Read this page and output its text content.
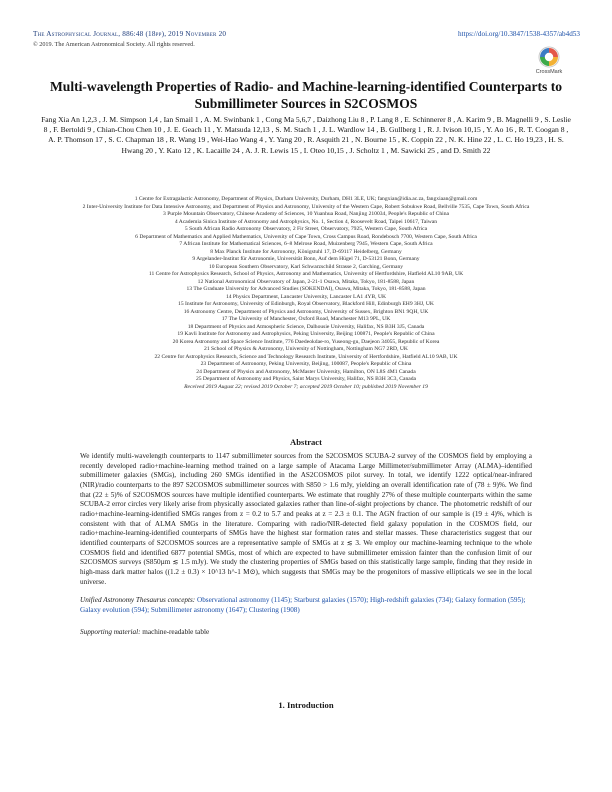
The Astrophysical Journal, 886:48 (18pp), 2019 November 20
© 2019. The American Astronomical Society. All rights reserved.
https://doi.org/10.3847/1538-4357/ab4d53
CrossMark
Multi-wavelength Properties of Radio- and Machine-learning-identified Counterparts to Submillimeter Sources in S2COSMOS
Fang Xia An 1,2,3 , J. M. Simpson 1,4 , Ian Smail 1 , A. M. Swinbank 1 , Cong Ma 5,6,7 , Daizhong Liu 8 , P. Lang 8 , E. Schinnerer 8 , A. Karim 9 , B. Magnelli 9 , S. Leslie 8 , F. Bertoldi 9 , Chian-Chou Chen 10 , J. E. Geach 11 , Y. Matsuda 12,13 , S. M. Stach 1 , J. L. Wardlow 14 , B. Gullberg 1 , R. J. Ivison 10,15 , Y. Ao 16 , R. T. Coogan 8 , A. P. Thomson 17 , S. C. Chapman 18 , R. Wang 19 , Wei-Hao Wang 4 , Y. Yang 20 , R. Asquith 21 , N. Bourne 15 , K. Coppin 22 , N. K. Hine 22 , L. C. Ho 19,23 , H. S. Hwang 20 , Y. Kato 12 , K. Lacaille 24 , A. J. R. Lewis 15 , I. Oteo 10,15 , J. Scholtz 1 , M. Sawicki 25 , and D. Smith 22
1 Centre for Extragalactic Astronomy, Department of Physics, Durham University, Durham, DH1 3LE, UK; fangxian@idia.ac.za, fangxiaan@gmail.com
2 Inter-University Institute for Data Intensive Astronomy, and Department of Physics and Astronomy, University of the Western Cape, Robert Sobukwe Road, Bellville 7535, Cape Town, South Africa
3 Purple Mountain Observatory, Chinese Academy of Sciences, 10 Yuanhua Road, Nanjing 210034, People's Republic of China
4 Academia Sinica Institute of Astronomy and Astrophysics, No. 1, Section 4, Roosevelt Road, Taipei 10617, Taiwan
5 South African Radio Astronomy Observatory, 2 Fir Street, Observatory, 7925, Western Cape, South Africa
6 Department of Mathematics and Applied Mathematics, University of Cape Town, Cross Campus Road, Rondebosch 7700, Western Cape, South Africa
7 African Institute for Mathematical Sciences, 6–8 Melrose Road, Muizenberg 7945, Western Cape, South Africa
8 Max Planck Institute for Astronomy, Königstuhl 17, D-69117 Heidelberg, Germany
9 Argelander-Institut für Astronomie, Universität Bonn, Auf dem Hügel 71, D-53121 Bonn, Germany
10 European Southern Observatory, Karl Schwarzschild Strasse 2, Garching, Germany
11 Centre for Astrophysics Research, School of Physics, Astronomy and Mathematics, University of Hertfordshire, Hatfield AL10 9AB, UK
12 National Astronomical Observatory of Japan, 2-21-1 Osawa, Mitaka, Tokyo, 181-8588, Japan
13 The Graduate University for Advanced Studies (SOKENDAI), Osawa, Mitaka, Tokyo, 181-8588, Japan
14 Physics Department, Lancaster University, Lancaster LA1 4YB, UK
15 Institute for Astronomy, University of Edinburgh, Royal Observatory, Blackford Hill, Edinburgh EH9 3HJ, UK
16 Astronomy Centre, Department of Physics and Astronomy, University of Sussex, Brighton BN1 9QH, UK
17 The University of Manchester, Oxford Road, Manchester M13 9PL, UK
18 Department of Physics and Atmospheric Science, Dalhousie University, Halifax, NS B3H 3J5, Canada
19 Kavli Institute for Astronomy and Astrophysics, Peking University, Beijing 100871, People's Republic of China
20 Korea Astronomy and Space Science Institute, 776 Daedeokdae-ro, Yuseong-gu, Daejeon 34055, Republic of Korea
21 School of Physics & Astronomy, University of Nottingham, Nottingham NG7 2RD, UK
22 Centre for Astrophysics Research, Science and Technology Research Institute, University of Hertfordshire, Hatfield AL10 9AB, UK
23 Department of Astronomy, Peking University, Beijing, 100087, People's Republic of China
24 Department of Physics and Astronomy, McMaster University, Hamilton, ON L8S 4M1 Canada
25 Department of Astronomy and Physics, Saint Marys University, Halifax, NS B3H 3C3, Canada
Received 2019 August 22; revised 2019 October 7; accepted 2019 October 10; published 2019 November 19
Abstract
We identify multi-wavelength counterparts to 1147 submillimeter sources from the S2COSMOS SCUBA-2 survey of the COSMOS field by employing a recently developed radio+machine-learning method trained on a large sample of Atacama Large Millimeter/submillimeter Array (ALMA)–identified submillimeter galaxies (SMGs), including 260 SMGs identified in the AS2COSMOS pilot survey. In total, we identify 1222 optical/near-infrared (NIR)/radio counterparts to the 897 S2COSMOS submillimeter sources with S850 > 1.6 mJy, yielding an overall identification rate of (78 ± 9)%. We find that (22 ± 5)% of S2COSMOS sources have multiple identified counterparts. We estimate that roughly 27% of these multiple counterparts within the same SCUBA-2 error circles very likely arise from physically associated galaxies rather than line-of-sight projections by chance. The photometric redshift of our radio+machine-learning-identified SMGs ranges from z = 0.2 to 5.7 and peaks at z = 2.3 ± 0.1. The AGN fraction of our sample is (19 ± 4)%, which is consistent with that of ALMA SMGs in the literature. Comparing with radio/NIR-detected field galaxy population in the COSMOS field, our radio+machine-learning-identified counterparts of SMGs have the highest star formation rates and stellar masses. These characteristics suggest that our identified counterparts of S2COSMOS sources are a representative sample of SMGs at z ≲ 3. We employ our machine-learning technique to the whole COSMOS field and identified 6877 potential SMGs, most of which are expected to have submillimeter emission fainter than the confusion limit of our S2COSMOS surveys (S850µm ≲ 1.5 mJy). We study the clustering properties of SMGs based on this statistically large sample, finding that they reside in high-mass dark matter halos ((1.2 ± 0.3) × 10^13 h^-1 M⊙), which suggests that SMGs may be the progenitors of massive ellipticals we see in the local universe.
Unified Astronomy Thesaurus concepts: Observational astronomy (1145); Starburst galaxies (1570); High-redshift galaxies (734); Galaxy formation (595); Galaxy evolution (594); Submillimeter astronomy (1647); Clustering (1908)
Supporting material: machine-readable table
1. Introduction
